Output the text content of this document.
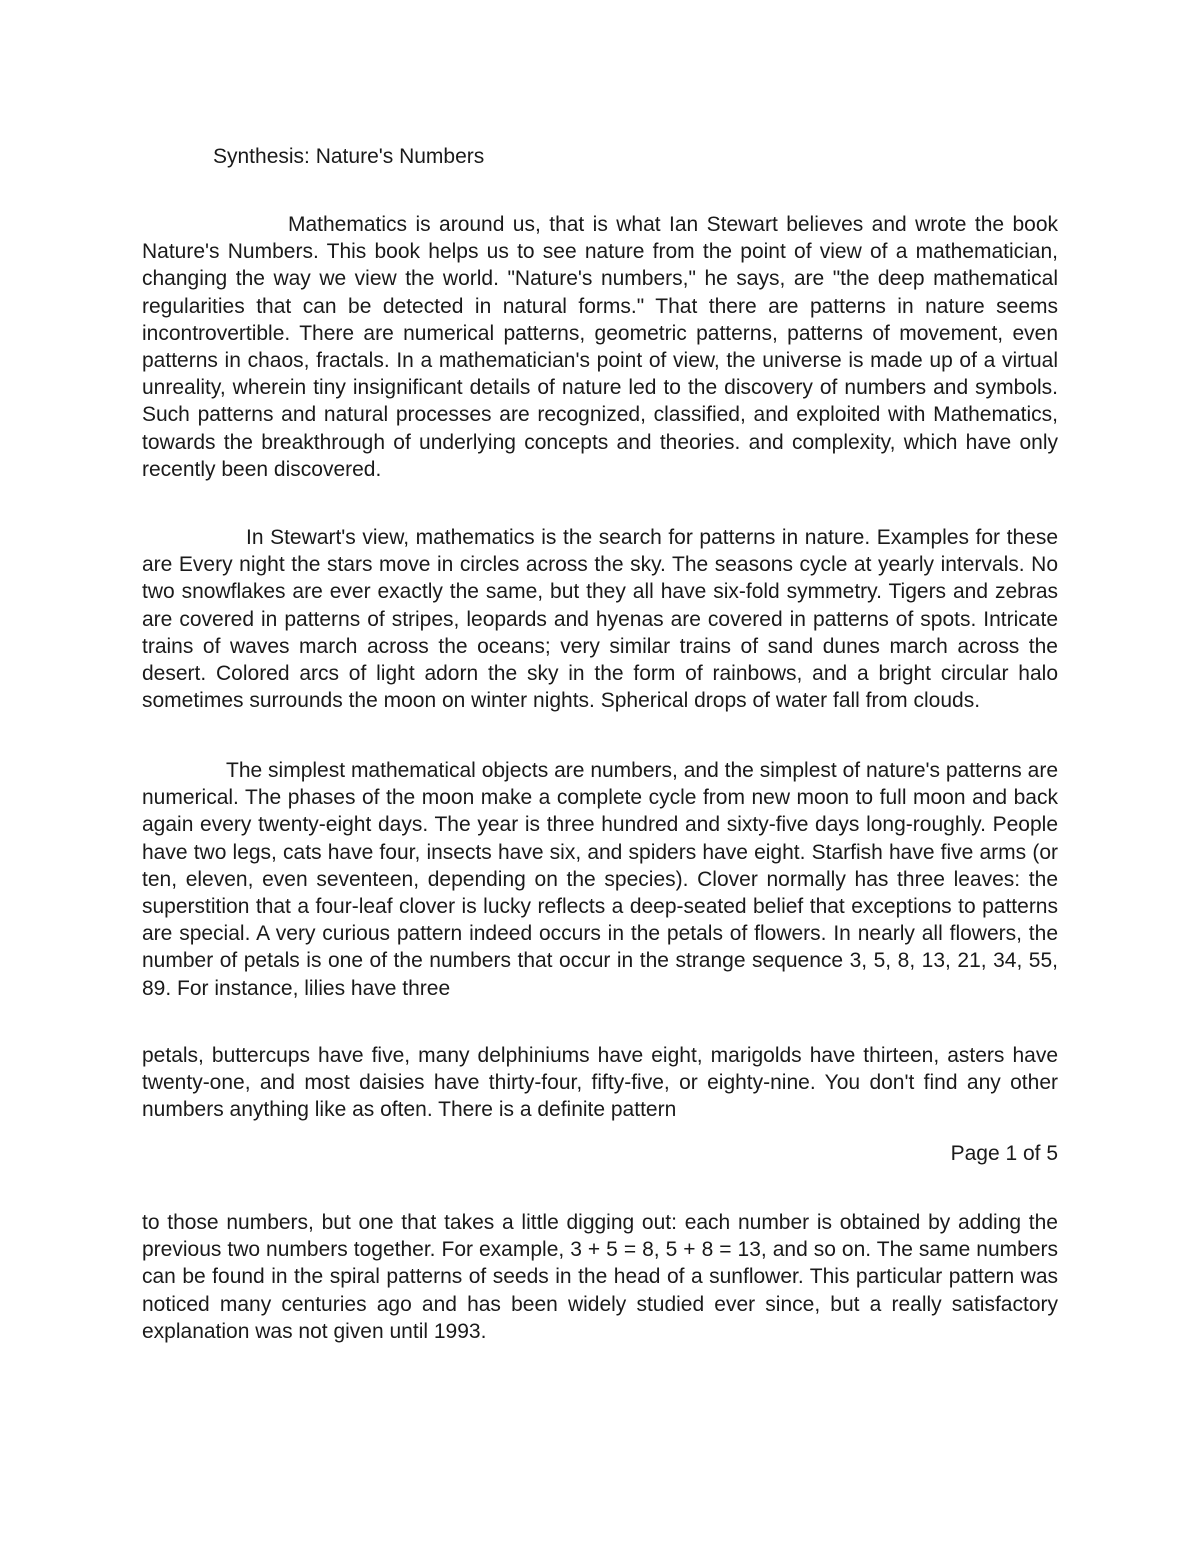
Synthesis: Nature's Numbers

Mathematics is around us, that is what Ian Stewart believes and wrote the book Nature's Numbers. This book helps us to see nature from the point of view of a mathematician, changing the way we view the world. "Nature's numbers," he says, are "the deep mathematical regularities that can be detected in natural forms." That there are patterns in nature seems incontrovertible. There are numerical patterns, geometric patterns, patterns of movement, even patterns in chaos, fractals. In a mathematician's point of view, the universe is made up of a virtual unreality, wherein tiny insignificant details of nature led to the discovery of numbers and symbols. Such patterns and natural processes are recognized, classified, and exploited with Mathematics, towards the breakthrough of underlying concepts and theories. and complexity, which have only recently been discovered.

In Stewart's view, mathematics is the search for patterns in nature. Examples for these are Every night the stars move in circles across the sky. The seasons cycle at yearly intervals. No two snowflakes are ever exactly the same, but they all have six-fold symmetry. Tigers and zebras are covered in patterns of stripes, leopards and hyenas are covered in patterns of spots. Intricate trains of waves march across the oceans; very similar trains of sand dunes march across the desert. Colored arcs of light adorn the sky in the form of rainbows, and a bright circular halo sometimes surrounds the moon on winter nights. Spherical drops of water fall from clouds.

The simplest mathematical objects are numbers, and the simplest of nature's patterns are numerical. The phases of the moon make a complete cycle from new moon to full moon and back again every twenty-eight days. The year is three hundred and sixty-five days long-roughly. People have two legs, cats have four, insects have six, and spiders have eight. Starfish have five arms (or ten, eleven, even seventeen, depending on the species). Clover normally has three leaves: the superstition that a four-leaf clover is lucky reflects a deep-seated belief that exceptions to patterns are special. A very curious pattern indeed occurs in the petals of flowers. In nearly all flowers, the number of petals is one of the numbers that occur in the strange sequence 3, 5, 8, 13, 21, 34, 55, 89. For instance, lilies have three

petals, buttercups have five, many delphiniums have eight, marigolds have thirteen, asters have twenty-one, and most daisies have thirty-four, fifty-five, or eighty-nine. You don't find any other numbers anything like as often. There is a definite pattern

Page 1 of 5

to those numbers, but one that takes a little digging out: each number is obtained by adding the previous two numbers together. For example, 3 + 5 = 8, 5 + 8 = 13, and so on. The same numbers can be found in the spiral patterns of seeds in the head of a sunflower. This particular pattern was noticed many centuries ago and has been widely studied ever since, but a really satisfactory explanation was not given until 1993.
